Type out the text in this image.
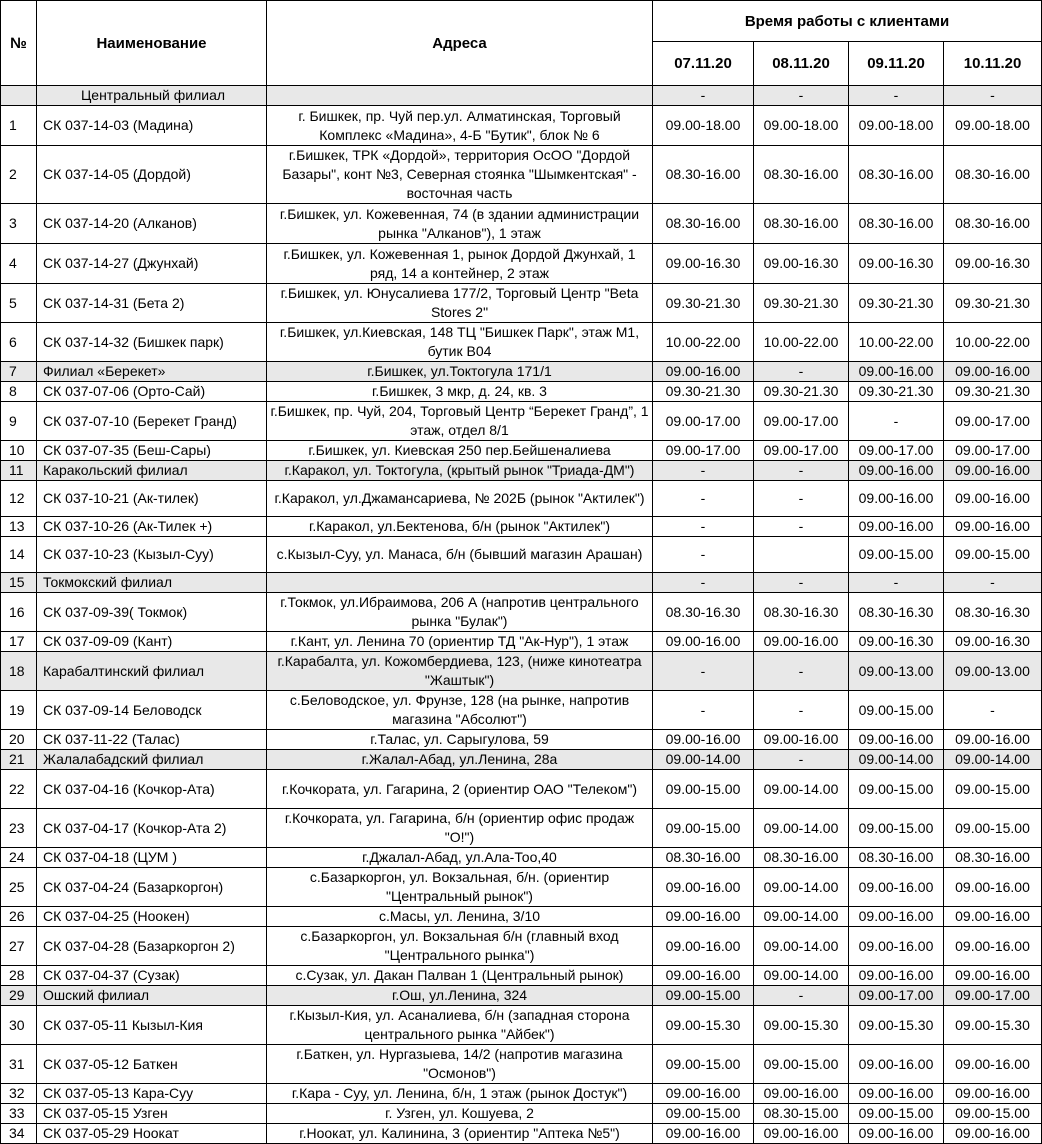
№	Наименование	Адреса	Время работы с клиентами			
			07.11.20	08.11.20	09.11.20	10.11.20
	Центральный филиал		-	-	-	-
1	СК 037-14-03 (Мадина)	г. Бишкек, пр. Чуй пер.ул. Алматинская, Торговый Комплекс «Мадина», 4-Б "Бутик", блок № 6	09.00-18.00	09.00-18.00	09.00-18.00	09.00-18.00
2	СК 037-14-05 (Дордой)	г.Бишкек, ТРК «Дордой», территория ОсОО "Дордой Базары", конт №3, Северная стоянка "Шымкентская" - восточная часть	08.30-16.00	08.30-16.00	08.30-16.00	08.30-16.00
3	СК 037-14-20 (Алканов)	г.Бишкек, ул. Кожевенная, 74 (в здании администрации рынка "Алканов"), 1 этаж	08.30-16.00	08.30-16.00	08.30-16.00	08.30-16.00
4	СК 037-14-27 (Джунхай)	г.Бишкек, ул. Кожевенная 1, рынок Дордой Джунхай, 1 ряд, 14 а контейнер, 2 этаж	09.00-16.30	09.00-16.30	09.00-16.30	09.00-16.30
5	СК 037-14-31 (Бета 2)	г.Бишкек, ул. Юнусалиева 177/2, Торговый Центр "Beta Stores 2"	09.30-21.30	09.30-21.30	09.30-21.30	09.30-21.30
6	СК 037-14-32 (Бишкек парк)	г.Бишкек, ул.Киевская, 148 ТЦ "Бишкек Парк", этаж М1, бутик В04	10.00-22.00	10.00-22.00	10.00-22.00	10.00-22.00
7	Филиал «Берекет»	г.Бишкек, ул.Токтогула 171/1	09.00-16.00	-	09.00-16.00	09.00-16.00
8	СК 037-07-06 (Орто-Сай)	г.Бишкек, 3 мкр, д. 24, кв. 3	09.30-21.30	09.30-21.30	09.30-21.30	09.30-21.30
9	СК 037-07-10 (Берекет Гранд)	г.Бишкек, пр. Чуй, 204, Торговый Центр “Берекет Гранд”, 1 этаж, отдел 8/1	09.00-17.00	09.00-17.00	-	09.00-17.00
10	СК 037-07-35 (Беш-Сары)	г.Бишкек, ул. Киевская 250 пер.Бейшеналиева	09.00-17.00	09.00-17.00	09.00-17.00	09.00-17.00
11	Каракольский филиал	г.Каракол, ул. Токтогула, (крытый рынок "Триада-ДМ")	-	-	09.00-16.00	09.00-16.00
12	СК 037-10-21 (Ак-тилек)	г.Каракол, ул.Джамансариева, № 202Б (рынок "Актилек")	-	-	09.00-16.00	09.00-16.00
13	СК 037-10-26 (Ак-Тилек +)	г.Каракол, ул.Бектенова, б/н (рынок "Актилек")	-	-	09.00-16.00	09.00-16.00
14	СК 037-10-23 (Кызыл-Суу)	с.Кызыл-Суу, ул. Манаса, б/н (бывший магазин Арашан)	-		09.00-15.00	09.00-15.00
15	Токмокский филиал		-	-	-	-
16	СК 037-09-39( Токмок)	г.Токмок, ул.Ибраимова, 206 А (напротив центрального рынка "Булак")	08.30-16.30	08.30-16.30	08.30-16.30	08.30-16.30
17	СК 037-09-09 (Кант)	г.Кант, ул. Ленина 70 (ориентир ТД "Ак-Нур"), 1 этаж	09.00-16.00	09.00-16.00	09.00-16.30	09.00-16.30
18	Карабалтинский филиал	г.Карабалта, ул. Кожомбердиева, 123, (ниже кинотеатра "Жаштык")	-	-	09.00-13.00	09.00-13.00
19	СК 037-09-14 Беловодск	с.Беловодское, ул. Фрунзе, 128 (на рынке, напротив магазина "Абсолют")	-	-	09.00-15.00	-
20	СК 037-11-22 (Талас)	г.Талас, ул. Сарыгулова, 59	09.00-16.00	09.00-16.00	09.00-16.00	09.00-16.00
21	Жалалабадский филиал	г.Жалал-Абад, ул.Ленина, 28а	09.00-14.00	-	09.00-14.00	09.00-14.00
22	СК 037-04-16 (Кочкор-Ата)	г.Кочкората, ул. Гагарина, 2 (ориентир ОАО "Телеком")	09.00-15.00	09.00-14.00	09.00-15.00	09.00-15.00
23	СК 037-04-17 (Кочкор-Ата 2)	г.Кочкората, ул. Гагарина, б/н (ориентир офис продаж "О!")	09.00-15.00	09.00-14.00	09.00-15.00	09.00-15.00
24	СК 037-04-18 (ЦУМ )	г.Джалал-Абад, ул.Ала-Тоо,40	08.30-16.00	08.30-16.00	08.30-16.00	08.30-16.00
25	СК 037-04-24 (Базаркоргон)	с.Базаркоргон, ул. Вокзальная, б/н. (ориентир "Центральный рынок")	09.00-16.00	09.00-14.00	09.00-16.00	09.00-16.00
26	СК 037-04-25 (Ноокен)	с.Масы, ул. Ленина, 3/10	09.00-16.00	09.00-14.00	09.00-16.00	09.00-16.00
27	СК 037-04-28 (Базаркоргон 2)	с.Базаркоргон, ул. Вокзальная б/н (главный вход "Центрального рынка")	09.00-16.00	09.00-14.00	09.00-16.00	09.00-16.00
28	СК 037-04-37 (Сузак)	с.Сузак, ул. Дакан Палван 1 (Центральный рынок)	09.00-16.00	09.00-14.00	09.00-16.00	09.00-16.00
29	Ошский филиал	г.Ош, ул.Ленина, 324	09.00-15.00	-	09.00-17.00	09.00-17.00
30	СК 037-05-11 Кызыл-Кия	г.Кызыл-Кия, ул. Асаналиева, б/н (западная сторона центрального рынка "Айбек")	09.00-15.30	09.00-15.30	09.00-15.30	09.00-15.30
31	СК 037-05-12 Баткен	г.Баткен, ул. Нургазыева, 14/2 (напротив магазина "Осмонов")	09.00-15.00	09.00-15.00	09.00-16.00	09.00-16.00
32	СК 037-05-13 Кара-Суу	г.Кара - Суу, ул. Ленина, б/н, 1 этаж (рынок Достук")	09.00-16.00	09.00-16.00	09.00-16.00	09.00-16.00
33	СК 037-05-15 Узген	г. Узген, ул. Кошуева, 2	09.00-15.00	08.30-15.00	09.00-15.00	09.00-15.00
34	СК 037-05-29 Ноокат	г.Ноокат, ул. Калинина, 3 (ориентир "Аптека №5")	09.00-16.00	09.00-16.00	09.00-16.00	09.00-16.00
